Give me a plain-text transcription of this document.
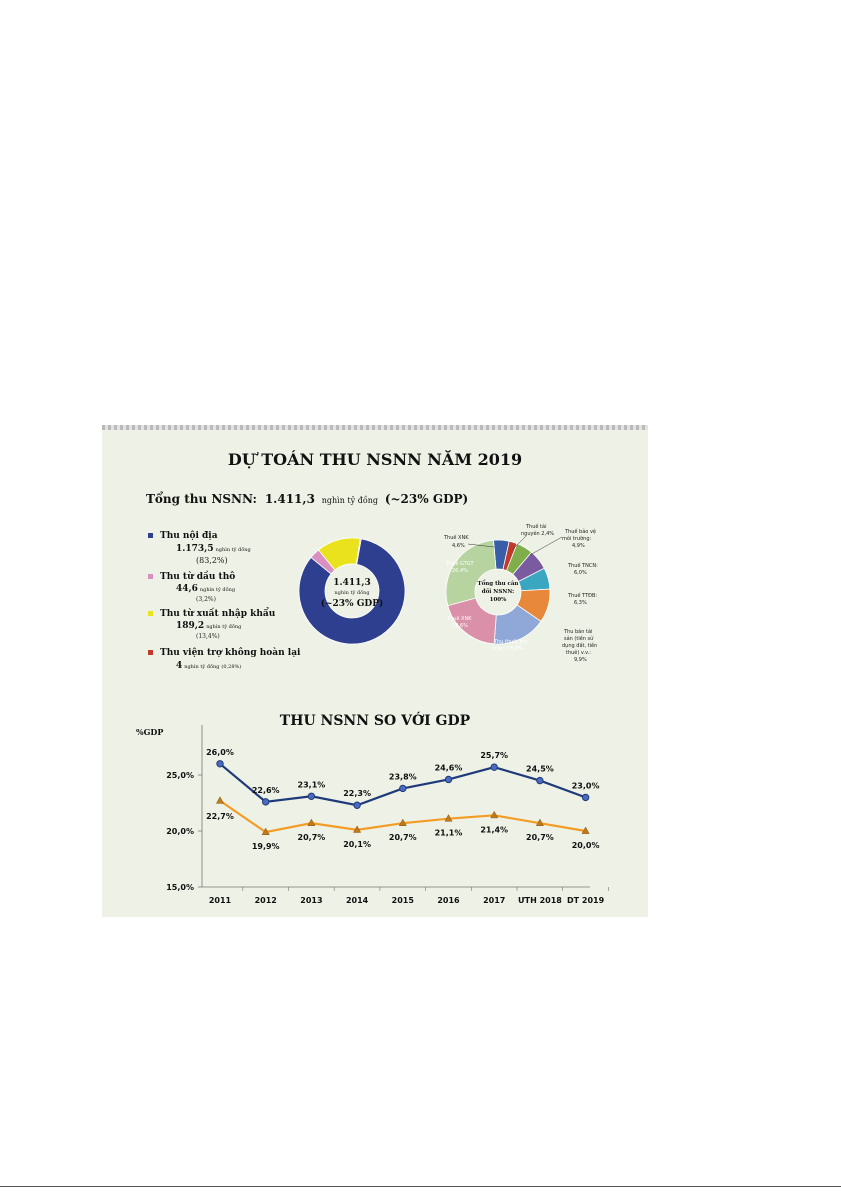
DỰ TOÁN THU NSNN NĂM 2019
Tổng thu NSNN: 1.411,3 nghìn tỷ đồng (~23% GDP)
Thu nội địa
1.173,5 nghìn tỷ đồng
(83,2%)
Thu từ dầu thô
44,6 nghìn tỷ đồng
(3,2%)
Thu từ xuất nhập khẩu
189,2 nghìn tỷ đồng
(13,4%)
Thu viện trợ không hoàn lại
4 nghìn tỷ đồng (0,28%)
1.411,3
nghìn tỷ đồng
(~23% GDP)
Tổng thu cân
đối NSNN:
100%
Thuế XNK
4,6%
Thuế tài
nguyên 2,4% Thuế bảo vệ
môi trường:
4,9%
Thuế TNCN:
6,0%
Thuế TTĐB:
6,3%
Thu bán tài
sản (tiền sử
dụng đất, tiền
thuê) v.v.:
9,9%
Thu thuế, phí
khác: 15,8%
Thuế XNK
18,6%
Thuế GTGT
26,4%
THU NSNN SO VỚI GDP
%GDP
15,0%
20,0%
25,0%
2011	2012	2013	2014	2015	2016	2017 ƯTH 2018 DT 2019
26,0%
22,6%
23,1%
22,3%
23,8%
24,6%
25,7%
24,5%
23,0%
22,7%
19,9%
20,7%
20,1%
20,7% 21,1% 21,4%
20,7%
20,0%
